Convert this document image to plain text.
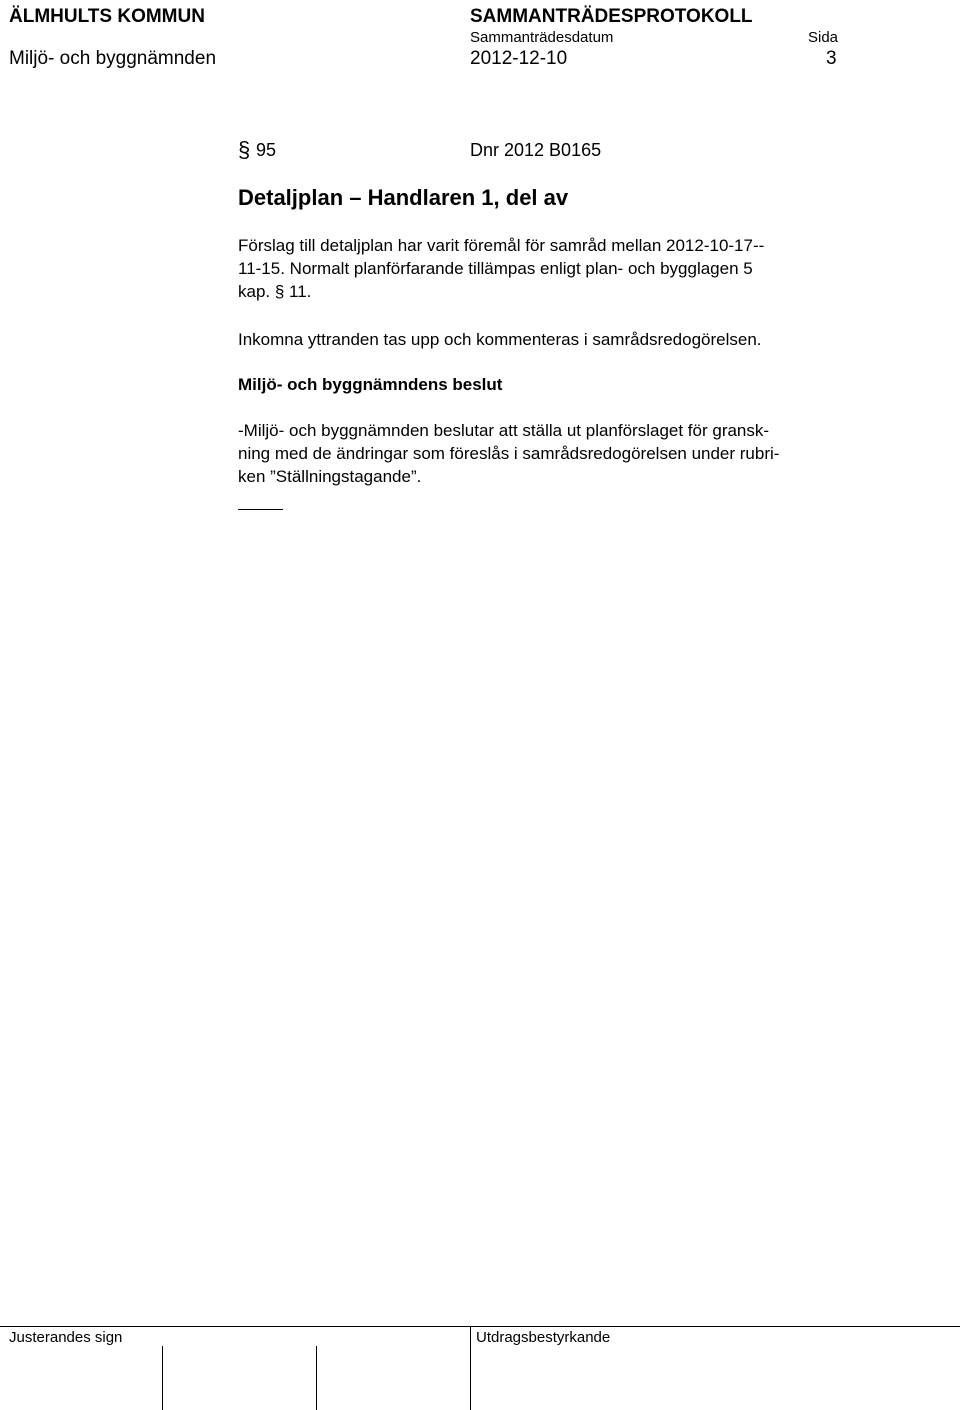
ÄLMHULTS KOMMUN	SAMMANTRÄDESPROTOKOLL
Sammanträdesdatum	Sida
Miljö- och byggnämnden	2012-12-10	3
§ 95	Dnr 2012 B0165
Detaljplan – Handlaren 1, del av
Förslag till detaljplan har varit föremål för samråd mellan 2012-10-17--
11-15. Normalt planförfarande tillämpas enligt plan- och bygglagen 5
kap. § 11.
Inkomna yttranden tas upp och kommenteras i samrådsredogörelsen.
Miljö- och byggnämndens beslut
-Miljö- och byggnämnden beslutar att ställa ut planförslaget för gransk-
ning med de ändringar som föreslås i samrådsredogörelsen under rubri-
ken ”Ställningstagande”.
Justerandes sign	Utdragsbestyrkande
